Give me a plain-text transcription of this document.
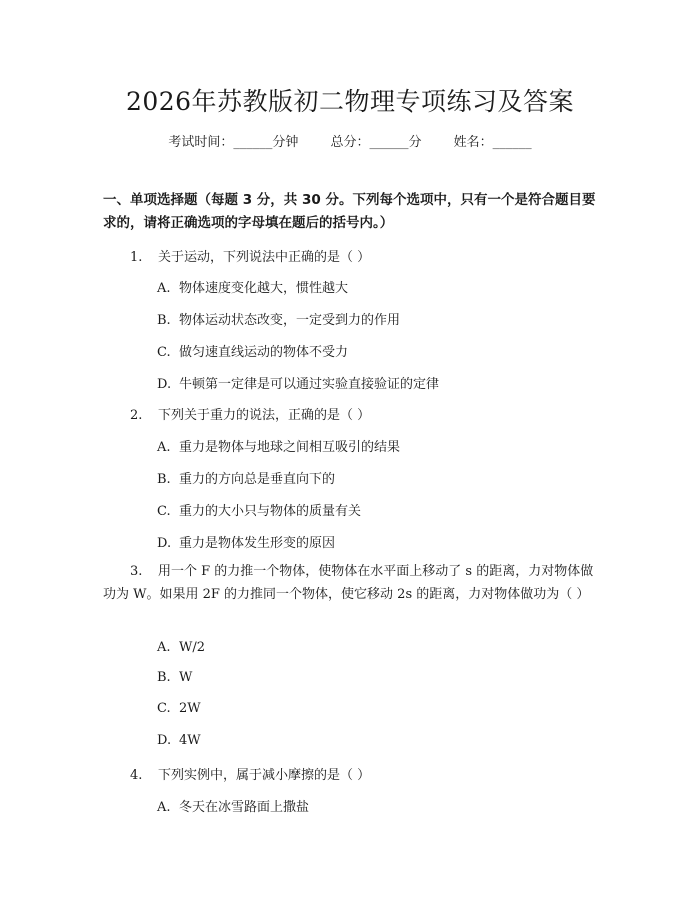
2026年苏教版初二物理专项练习及答案
考试时间：______分钟 总分：______分 姓名：______
一、单项选择题（每题 3 分，共 30 分。下列每个选项中，只有一个是符合题目要求的，请将正确选项的字母填在题后的括号内。）
1. 关于运动，下列说法中正确的是（ ）
A. 物体速度变化越大，惯性越大
B. 物体运动状态改变，一定受到力的作用
C. 做匀速直线运动的物体不受力
D. 牛顿第一定律是可以通过实验直接验证的定律
2. 下列关于重力的说法，正确的是（ ）
A. 重力是物体与地球之间相互吸引的结果
B. 重力的方向总是垂直向下的
C. 重力的大小只与物体的质量有关
D. 重力是物体发生形变的原因
3. 用一个 F 的力推一个物体，使物体在水平面上移动了 s 的距离，力对物体做功为 W。如果用 2F 的力推同一个物体，使它移动 2s 的距离，力对物体做功为（ ）
A. W/2
B. W
C. 2W
D. 4W
4. 下列实例中，属于减小摩擦的是（ ）
A. 冬天在冰雪路面上撒盐
